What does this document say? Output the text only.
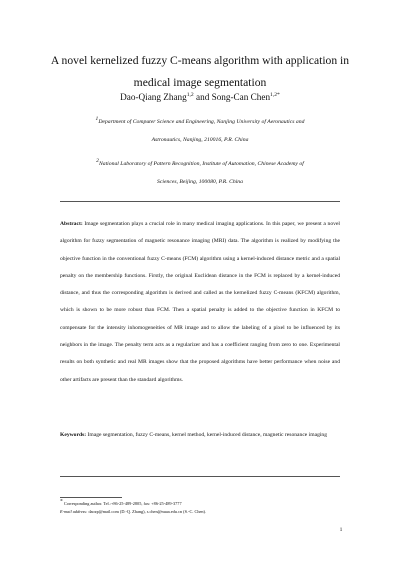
A novel kernelized fuzzy C-means algorithm with application in
medical image segmentation
Dao-Qiang Zhang$^{1,2}$ and Song-Can Chen$^{1,2*}$
$^1$Department of Computer Science and Engineering, Nanjing University of Aeronautics and
Astronautics, Nanjing, 210016, P.R. China
$^2$National Laboratory of Pattern Recognition, Institute of Automation, Chinese Academy of
Sciences, Beijing, 100080, P.R. China
Abstract: Image segmentation plays a crucial role in many medical imaging applications. In this paper, we present a novel algorithm for fuzzy segmentation of magnetic resonance imaging (MRI) data. The algorithm is realized by modifying the objective function in the conventional fuzzy C-means (FCM) algorithm using a kernel-induced distance metric and a spatial penalty on the membership functions. Firstly, the original Euclidean distance in the FCM is replaced by a kernel-induced distance, and thus the corresponding algorithm is derived and called as the kernelized fuzzy C-means (KFCM) algorithm, which is shown to be more robust than FCM. Then a spatial penalty is added to the objective function in KFCM to compensate for the intensity inhomogeneities of MR image and to allow the labeling of a pixel to be influenced by its neighbors in the image. The penalty term acts as a regularizer and has a coefficient ranging from zero to one. Experimental results on both synthetic and real MR images show that the proposed algorithms have better performance when noise and other artifacts are present than the standard algorithms.
Keywords: Image segmentation, fuzzy C-means, kernel method, kernel-induced distance, magnetic resonance imaging
* Corresponding author. Tel.:+86-25-489-2805, fax: +86-25-489-3777
E-mail address: daozp@mail.com (D.-Q. Zhang), s.chen@nuaa.edu.cn (S.-C. Chen).
1
